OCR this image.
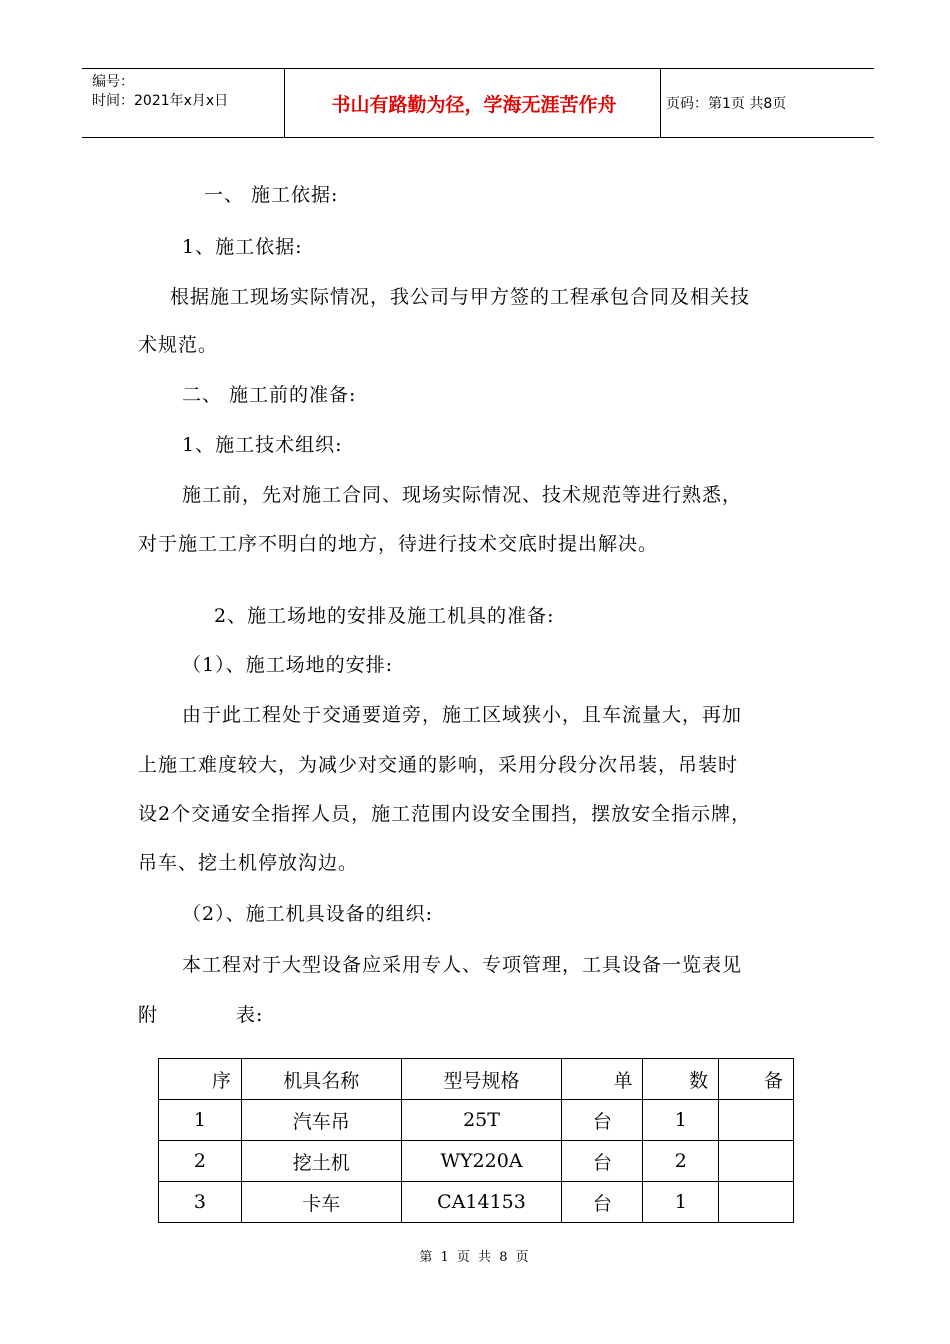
编号：
时间：2021年x月x日	书山有路勤为径，学海无涯苦作舟	页码：第1页 共8页
一、 施工依据:
1、施工依据:
根据施工现场实际情况，我公司与甲方签的工程承包合同及相关技
术规范。
二、 施工前的准备:
1、施工技术组织:
施工前，先对施工合同、现场实际情况、技术规范等进行熟悉，
对于施工工序不明白的地方，待进行技术交底时提出解决。
2、施工场地的安排及施工机具的准备:
（1）、施工场地的安排:
由于此工程处于交通要道旁，施工区域狭小，且车流量大，再加
上施工难度较大，为减少对交通的影响，采用分段分次吊装，吊装时
设2个交通安全指挥人员，施工范围内设安全围挡，摆放安全指示牌，
吊车、挖土机停放沟边。
（2）、施工机具设备的组织:
本工程对于大型设备应采用专人、专项管理，工具设备一览表见
附	表:
序	机具名称	型号规格	单	数	备
1	汽车吊	25T	台	1	
2	挖土机	WY220A	台	2	
3	卡车	CA14153	台	1	
第 1 页 共 8 页
